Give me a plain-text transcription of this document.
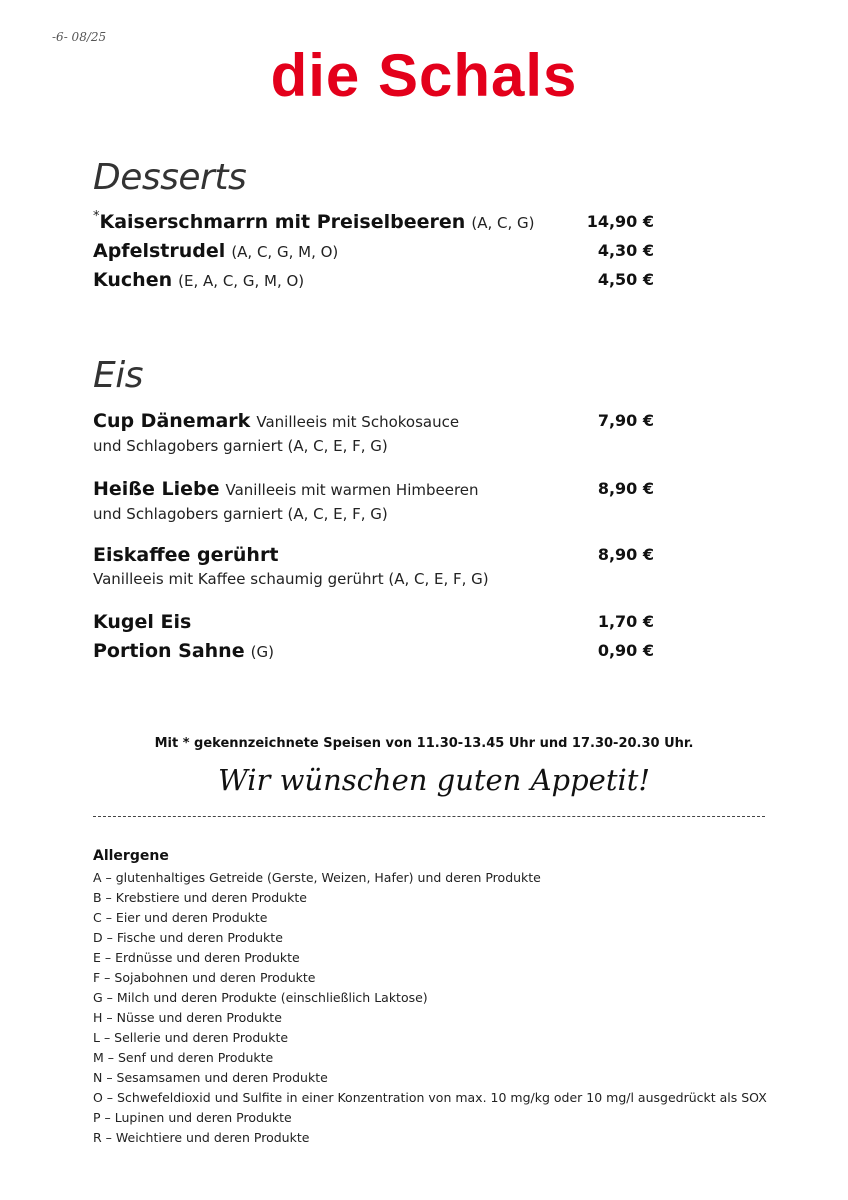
-6- 08/25
die Schals
Desserts
*Kaiserschmarrn mit Preiselbeeren (A, C, G)	14,90 €
Apfelstrudel (A, C, G, M, O)	4,30 €
Kuchen (E, A, C, G, M, O)	4,50 €
Eis
Cup Dänemark Vanilleeis mit Schokosauce	7,90 €
und Schlagobers garniert (A, C, E, F, G)
Heiße Liebe Vanilleeis mit warmen Himbeeren	8,90 €
und Schlagobers garniert (A, C, E, F, G)
Eiskaffee gerührt	8,90 €
Vanilleeis mit Kaffee schaumig gerührt (A, C, E, F, G)
Kugel Eis	1,70 €
Portion Sahne (G)	0,90 €
Mit * gekennzeichnete Speisen von 11.30-13.45 Uhr und 17.30-20.30 Uhr.
Wir wünschen guten Appetit!
Allergene
A – glutenhaltiges Getreide (Gerste, Weizen, Hafer) und deren Produkte
B – Krebstiere und deren Produkte
C – Eier und deren Produkte
D – Fische und deren Produkte
E – Erdnüsse und deren Produkte
F – Sojabohnen und deren Produkte
G – Milch und deren Produkte (einschließlich Laktose)
H – Nüsse und deren Produkte
L – Sellerie und deren Produkte
M – Senf und deren Produkte
N – Sesamsamen und deren Produkte
O – Schwefeldioxid und Sulfite in einer Konzentration von max. 10 mg/kg oder 10 mg/l ausgedrückt als SOX
P – Lupinen und deren Produkte
R – Weichtiere und deren Produkte
